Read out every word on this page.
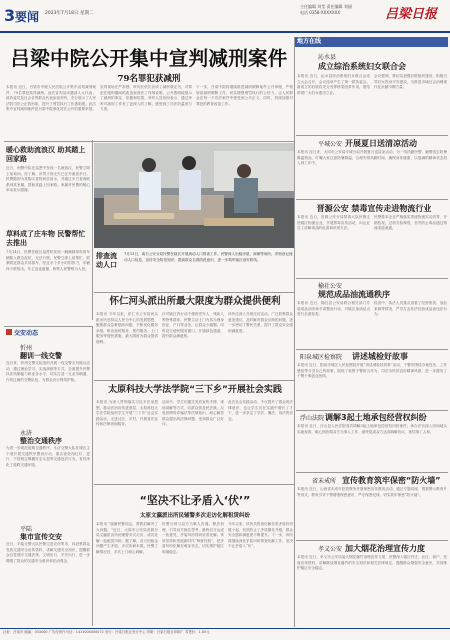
3 要闻 2023年7月18日 星期二
主任编辑 刘莹 责任编辑 刘丽
电话 0358-XXXXXXX	吕梁日报
吕梁中院公开集中宣判减刑案件
79名罪犯获减刑
本报讯 近日，吕梁市中级人民法院公开集中宣判减刑案件，79名罪犯获得减刑。此次宣判活动邀请人大代表、政协委员及社会各界群众代表参加旁听，充分展示了人民法院司法公正的形象，提升了刑罚执行工作透明度。此次集中宣判减刑案件是吕梁中院深化司法公开的重要举措。
宣判现场庄严肃穆，审判长依次宣读了减刑裁定书，对罪犯在服刑期间的改造表现作了详细说明，公开透明地展示了减刑的事实、依据和结果。旁听人员纷纷表示，通过旁听对减刑工作有了更深入的了解，感受到了司法的温度与力度。
下一步，吕梁中院将继续推进减刑假释案件公开审理，严格规范减刑假释工作，切实增强刑罚执行的公信力，让人民群众在每一个司法案件中感受到公平正义。同时，持续加强对罪犯的教育改造工作。
暖心救助流浪汉 助其踏上回家路
近日，刑警中队在巡逻中发现一名流浪汉，民警立即上前询问。经了解，该男子因走失已在外流浪多日。民警随即为其购买食物和饮用水，并通过多方查询联系到其家属，帮助其踏上回家路。家属对民警的暖心举动表示感谢。
草料成了庄车物 民警帮忙去推出
7月14日，民警在辖区巡逻时发现一辆满载草料的车辆陷入路边泥坑，无法行驶。民警立即上前帮忙，联系附近群众共同推车，经过半个多小时的努力，车辆终于被推出。车主连连道谢，称赞人民警察为人民。
排查流动人口
7月13日，离石公安分局民警在辖区开展流动人口排查工作。民警深入出租房屋、商铺等场所，详细登记流动人口信息，宣传安全防范知识，提高群众自我防范意识，进一步筑牢辖区治安防线。
怀仁河头派出所最大限度为群众提供便利
本报讯 今年以来，怀仁市公安局河头派出所坚持以人民为中心的发展思想，聚焦群众急难愁盼问题，不断优化服务举措，推出延时服务、预约服务、上门服务等便民措施，最大限度为群众提供便利。
针对辖区内行动不便的老年人、残疾人等特殊群体，民警主动上门为其办理身份证、户口等业务，让群众少跑腿。同时设立便民服务窗口，开通绿色通道，提升群众满意度。
该所还深入开展走访活动，广泛收集群众意见建议，及时解决群众反映的问题，进一步密切了警民关系，提升了群众安全感和满意度。
交安动态
忻州
翻训一线交警
连日来，忻州交警支队组织开展一线交警全员练兵活动，通过理论学习、实战演练等方式，全面提升民警执法执勤能力和业务水平，切实打造一支业务精通、作风过硬的交警队伍，为群众出行保驾护航。
永济
整治交通秩序
为进一步规范道路交通秩序，永济交警大队在城区主干道开展交通秩序整治行动，重点查处闯红灯、逆行、不按规定佩戴安全头盔等交通违法行为，有效净化了道路交通环境。
平陆
集市宣传交安
近日，平陆交警大队民警走进农村集市，向赶集群众发放交通安全宣传资料，讲解交通安全知识，提醒群众自觉遵守交通法规，文明出行，平安出行，进一步增强了群众的交通安全意识和法治观念。
太原科技大学法学院“三下乡”开展社会实践
本报讯 为深入贯彻落实习近平法治思想，推动法治宣传进基层，太原科技大学法学院组织学生开展“三下乡”社会实践活动，走进社区、乡村，开展普法宣传和法律咨询服务。
活动中，学生们通过发放宣传手册、现场讲解等方式，向群众普及民法典、反电信网络诈骗法等法律知识，耐心解答群众提出的法律问题，受到群众广泛好评。
此次社会实践活动，不仅提升了群众的法律意识，也让学生们在实践中增长了才干，进一步坚定了学法、懂法、用法的信念。
“坚决不让矛盾入‘伏’”
太原文瀛派出所民辅警多次走访化解租赁纠纷
本报讯 “谢谢民警同志，帮我们解决了大问题。”近日，太原市公安局晋源分局文瀛派出所民辅警多次走访，成功化解一起租赁纠纷。据了解，双方因租金问题产生矛盾，多次协商未果。民警了解情况后，多次上门耐心调解。
民警分别与双方当事人沟通，释法析理，引导双方换位思考，最终双方达成一致意见，矛盾纠纷得到妥善化解。该所坚持和发展新时代“枫桥经验”，把矛盾纠纷化解在萌芽状态，切实维护辖区和谐稳定。
今年以来，该所共排查化解各类矛盾纠纷数十起，有效防止了矛盾激化升级，群众安全感和满意度不断提升。下一步，该所将继续深化矛盾纠纷排查化解工作，坚决不让矛盾入“伏”。
地方在线
沁水县
成立综治系统妇女联合会
本报讯 近日，沁水县综治系统妇女联合会成立大会召开，会议选举产生了第一届执委会。新成立的妇联将充分发挥桥梁纽带作用，团结带领广大妇女建功立业。
会议强调，要切实加强妇联组织建设，积极引导妇女投身平安建设，为推进市域社会治理现代化贡献巾帼力量。
平城公安 开展夏日送清凉活动
本报讯 连日来，大同市公安局平城分局开展夏日送清凉活动，为一线执勤民警、辅警送去防暑降温物品，叮嘱大家注意防暑降温，合理安排执勤时间，确保身体健康，以饱满的精神状态投入到工作中。
晋源公安 禁毒宣传走进物流行业
本报讯 近日，晋源公安分局禁毒大队民警走进辖区物流企业，开展禁毒宣传活动，向企业员工讲解毒品的危害和识别方法。
民警要求企业严格落实寄递物流实名收寄、开箱验视、过机安检制度，坚决防止毒品通过物流渠道流通。
榆社公安
规范成品油流通秩序
本报讯 近日，榆社县公安局联合相关部门开展成品油市场专项整治行动，对辖区加油站点进行全面检查。
检查中，执法人员重点查看了经营资质、油品来源等情况，严厉打击非法经营成品油违法行为。
阳泉城区检察院 讲述城检好故事
本报讯 近日，阳泉市城区人民检察院开展“讲述城检好故事”活动，干警们围绕办案经历、工作感悟等分享自己的故事，展现了检察干警担当作为、司法为民的良好精神风貌，进一步激发了干警干事创业热情。
浮山法院 调解3起土地承包经营权纠纷
本报讯 近日，浮山县人民法院成功调解3起土地承包经营权纠纷案件。承办法官深入田间地头实地查看，耐心细致做双方当事人工作，最终促成双方达成调解协议，案结事了人和。
省未戒所 宣传教育筑牢保密“防火墙”
本报讯 近日，山西省未成年犯管教所开展保密宣传教育活动，通过专题讲座、观看警示教育片等形式，教育引导干警增强保密意识，严守保密纪律，切实筑牢保密“防火墙”。
孝义公安 加大烟花治理宣传力度
本报讯 近日，孝义市公安局加大烟花爆竹治理宣传力度，民警深入辖区村庄、社区、商户，发放宣传资料，讲解燃放烟花爆竹的安全知识和相关法律规定，提醒群众增强安全意识，共同维护辖区安全稳定。
社址：吕梁市 邮编：033000 广告经营许可证：1411004000072 发行：吕梁日报社发行中心 印刷：吕梁日报社印刷厂 零售价：1.00元
